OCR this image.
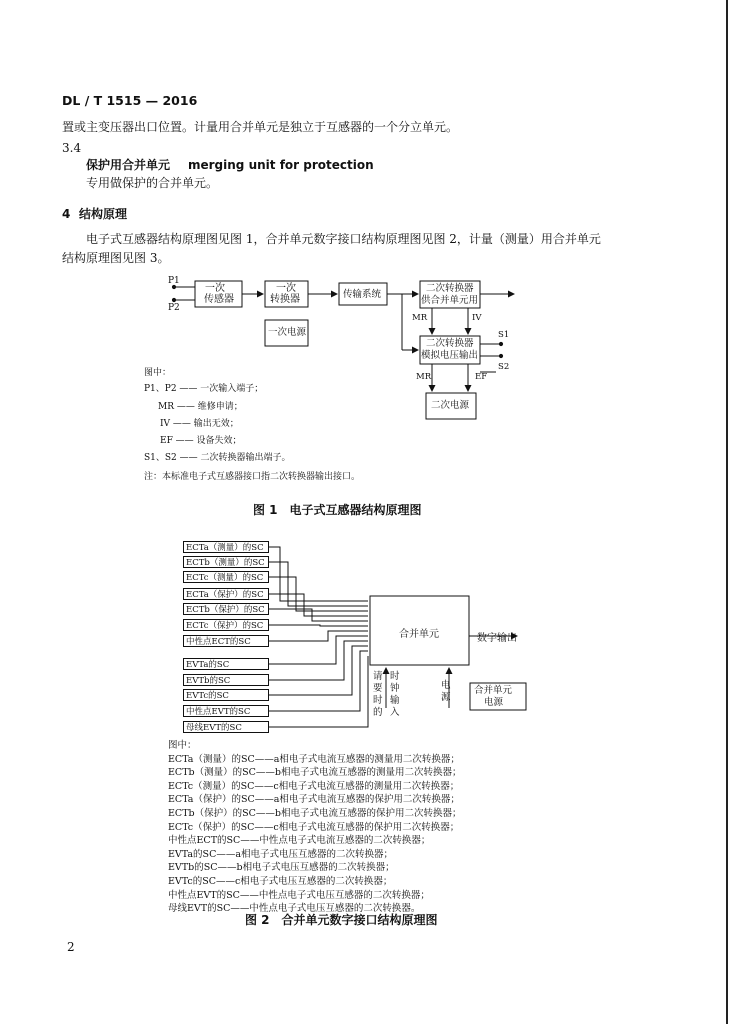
DL / T 1515 — 2016
置或主变压器出口位置。计量用合并单元是独立于互感器的一个分立单元。
3.4
保护用合并单元 merging unit for protection
专用做保护的合并单元。
4 结构原理
电子式互感器结构原理图见图 1，合并单元数字接口结构原理图见图 2，计量（测量）用合并单元
结构原理图见图 3。
P1
P2
一次
传感器
一次
转换器	传输系统
一次电源
二次转换器
供合并单元用
二次转换器
模拟电压输出
二次电源
MR	IV
MR	EF
S1
S2
图中：
P1、P2 —— 一次输入端子；
MR —— 维修申请；
IV —— 输出无效；
EF —— 设备失效；
S1、S2 —— 二次转换器输出端子。
注：本标准电子式互感器接口指二次转换器输出接口。
图 1　电子式互感器结构原理图
ECTa（测量）的SC
ECTb（测量）的SC
ECTc（测量）的SC
ECTa（保护）的SC
ECTb（保护）的SC
ECTc（保护）的SC
中性点ECT的SC
EVTa的SC
EVTb的SC
EVTc的SC
中性点EVT的SC
母线EVT的SC
合并单元	数字输出
合并单元
电源
请
要
时
的
时
钟
输
入
电
源
图中：
ECTa（测量）的SC——a相电子式电流互感器的测量用二次转换器；
ECTb（测量）的SC——b相电子式电流互感器的测量用二次转换器；
ECTc（测量）的SC——c相电子式电流互感器的测量用二次转换器；
ECTa（保护）的SC——a相电子式电流互感器的保护用二次转换器；
ECTb（保护）的SC——b相电子式电流互感器的保护用二次转换器；
ECTc（保护）的SC——c相电子式电流互感器的保护用二次转换器；
中性点ECT的SC——中性点电子式电流互感器的二次转换器；
EVTa的SC——a相电子式电压互感器的二次转换器；
EVTb的SC——b相电子式电压互感器的二次转换器；
EVTc的SC——c相电子式电压互感器的二次转换器；
中性点EVT的SC——中性点电子式电压互感器的二次转换器；
母线EVT的SC——中性点电子式电压互感器的二次转换器。
图 2　合并单元数字接口结构原理图
2
